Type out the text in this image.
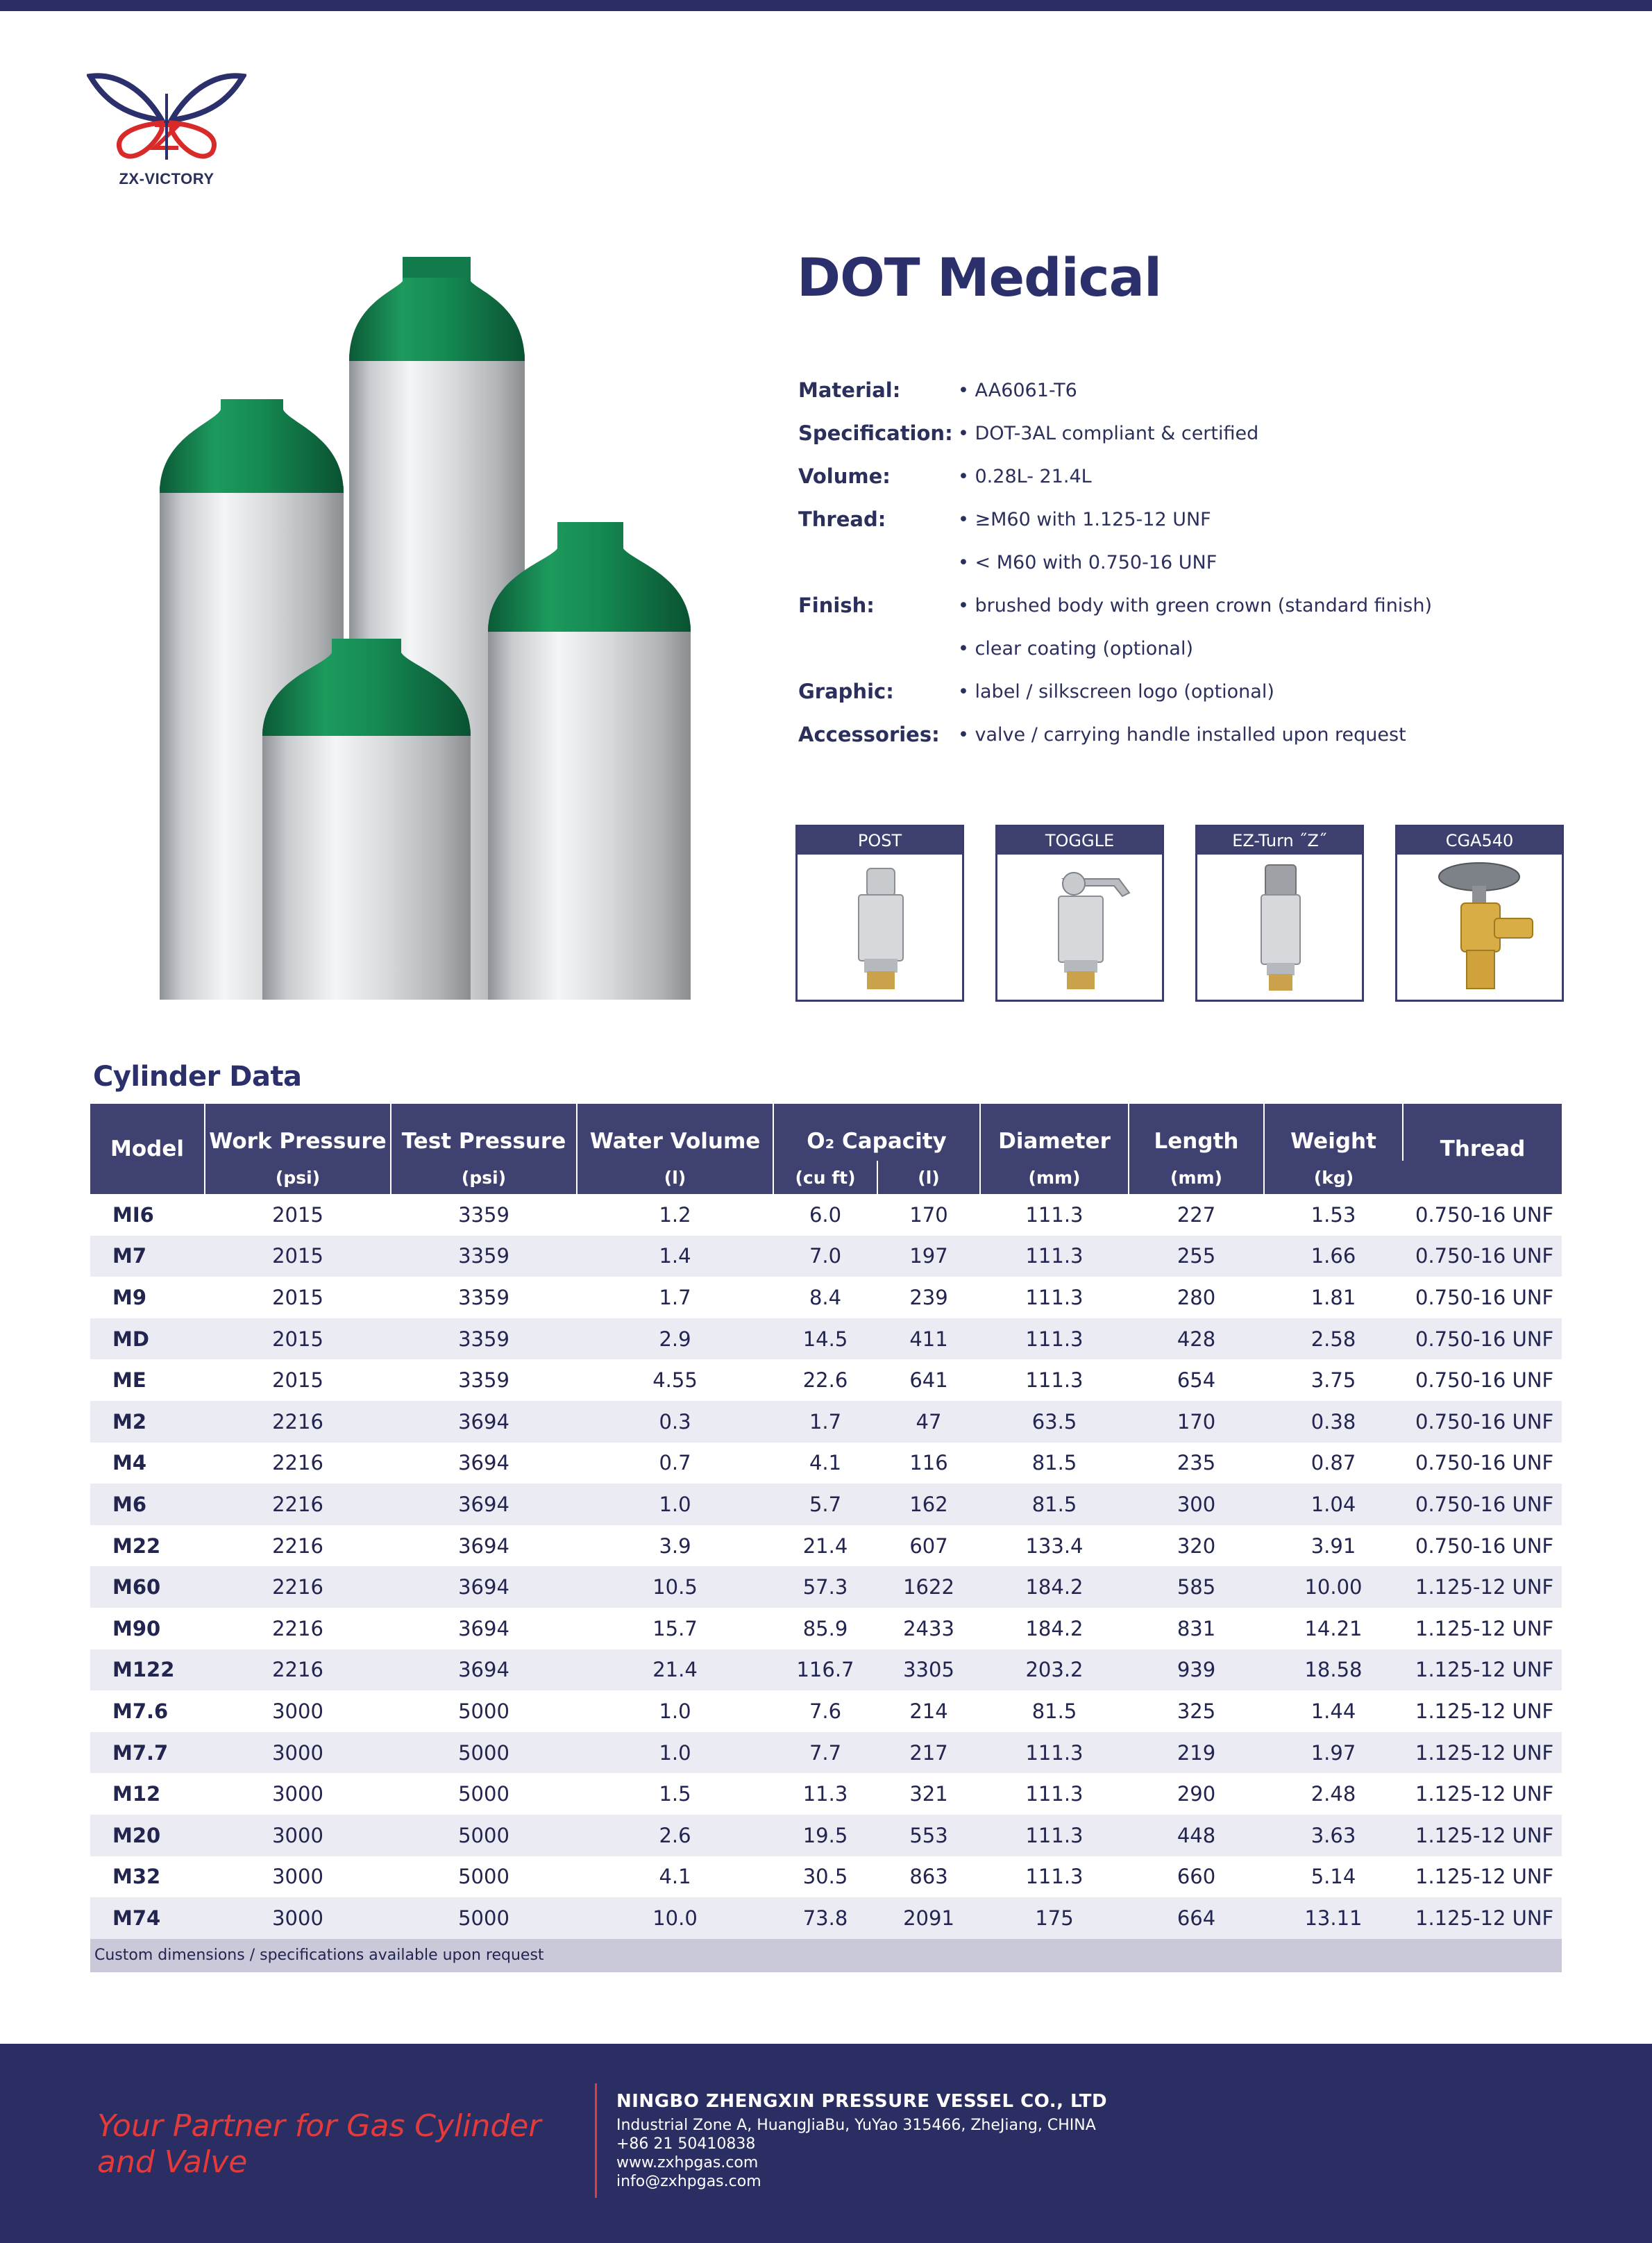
ZX-VICTORY
DOT Medical
Material:	• AA6061-T6
Specification: • DOT-3AL compliant & certified
Volume:	• 0.28L- 21.4L
Thread:	• ≥M60 with 1.125-12 UNF
• < M60 with 0.750-16 UNF
Finish:	• brushed body with green crown (standard finish)
• clear coating (optional)
Graphic:	• label / silkscreen logo (optional)
Accessories: • valve / carrying handle installed upon request
POST	TOGGLE	EZ-Turn ˝Z˝	CGA540
Cylinder Data
Model	Work Pressure	Test Pressure	Water Volume	O₂ Capacity		Diameter	Length	Weight	Thread
	(psi)	(psi)	(l)	(cu ft)	(l)	(mm)	(mm)	(kg)	
MI6	2015	3359	1.2	6.0	170	111.3	227	1.53	0.750-16 UNF
M7	2015	3359	1.4	7.0	197	111.3	255	1.66	0.750-16 UNF
M9	2015	3359	1.7	8.4	239	111.3	280	1.81	0.750-16 UNF
MD	2015	3359	2.9	14.5	411	111.3	428	2.58	0.750-16 UNF
ME	2015	3359	4.55	22.6	641	111.3	654	3.75	0.750-16 UNF
M2	2216	3694	0.3	1.7	47	63.5	170	0.38	0.750-16 UNF
M4	2216	3694	0.7	4.1	116	81.5	235	0.87	0.750-16 UNF
M6	2216	3694	1.0	5.7	162	81.5	300	1.04	0.750-16 UNF
M22	2216	3694	3.9	21.4	607	133.4	320	3.91	0.750-16 UNF
M60	2216	3694	10.5	57.3	1622	184.2	585	10.00	1.125-12 UNF
M90	2216	3694	15.7	85.9	2433	184.2	831	14.21	1.125-12 UNF
M122	2216	3694	21.4	116.7	3305	203.2	939	18.58	1.125-12 UNF
M7.6	3000	5000	1.0	7.6	214	81.5	325	1.44	1.125-12 UNF
M7.7	3000	5000	1.0	7.7	217	111.3	219	1.97	1.125-12 UNF
M12	3000	5000	1.5	11.3	321	111.3	290	2.48	1.125-12 UNF
M20	3000	5000	2.6	19.5	553	111.3	448	3.63	1.125-12 UNF
M32	3000	5000	4.1	30.5	863	111.3	660	5.14	1.125-12 UNF
M74	3000	5000	10.0	73.8	2091	175	664	13.11	1.125-12 UNF
Custom dimensions / specifications available upon request
Your Partner for Gas Cylinder
and Valve
NINGBO ZHENGXIN PRESSURE VESSEL CO., LTD
Industrial Zone A, HuangJiaBu, YuYao 315466, ZheJiang, CHINA
+86 21 50410838
www.zxhpgas.com
info@zxhpgas.com
